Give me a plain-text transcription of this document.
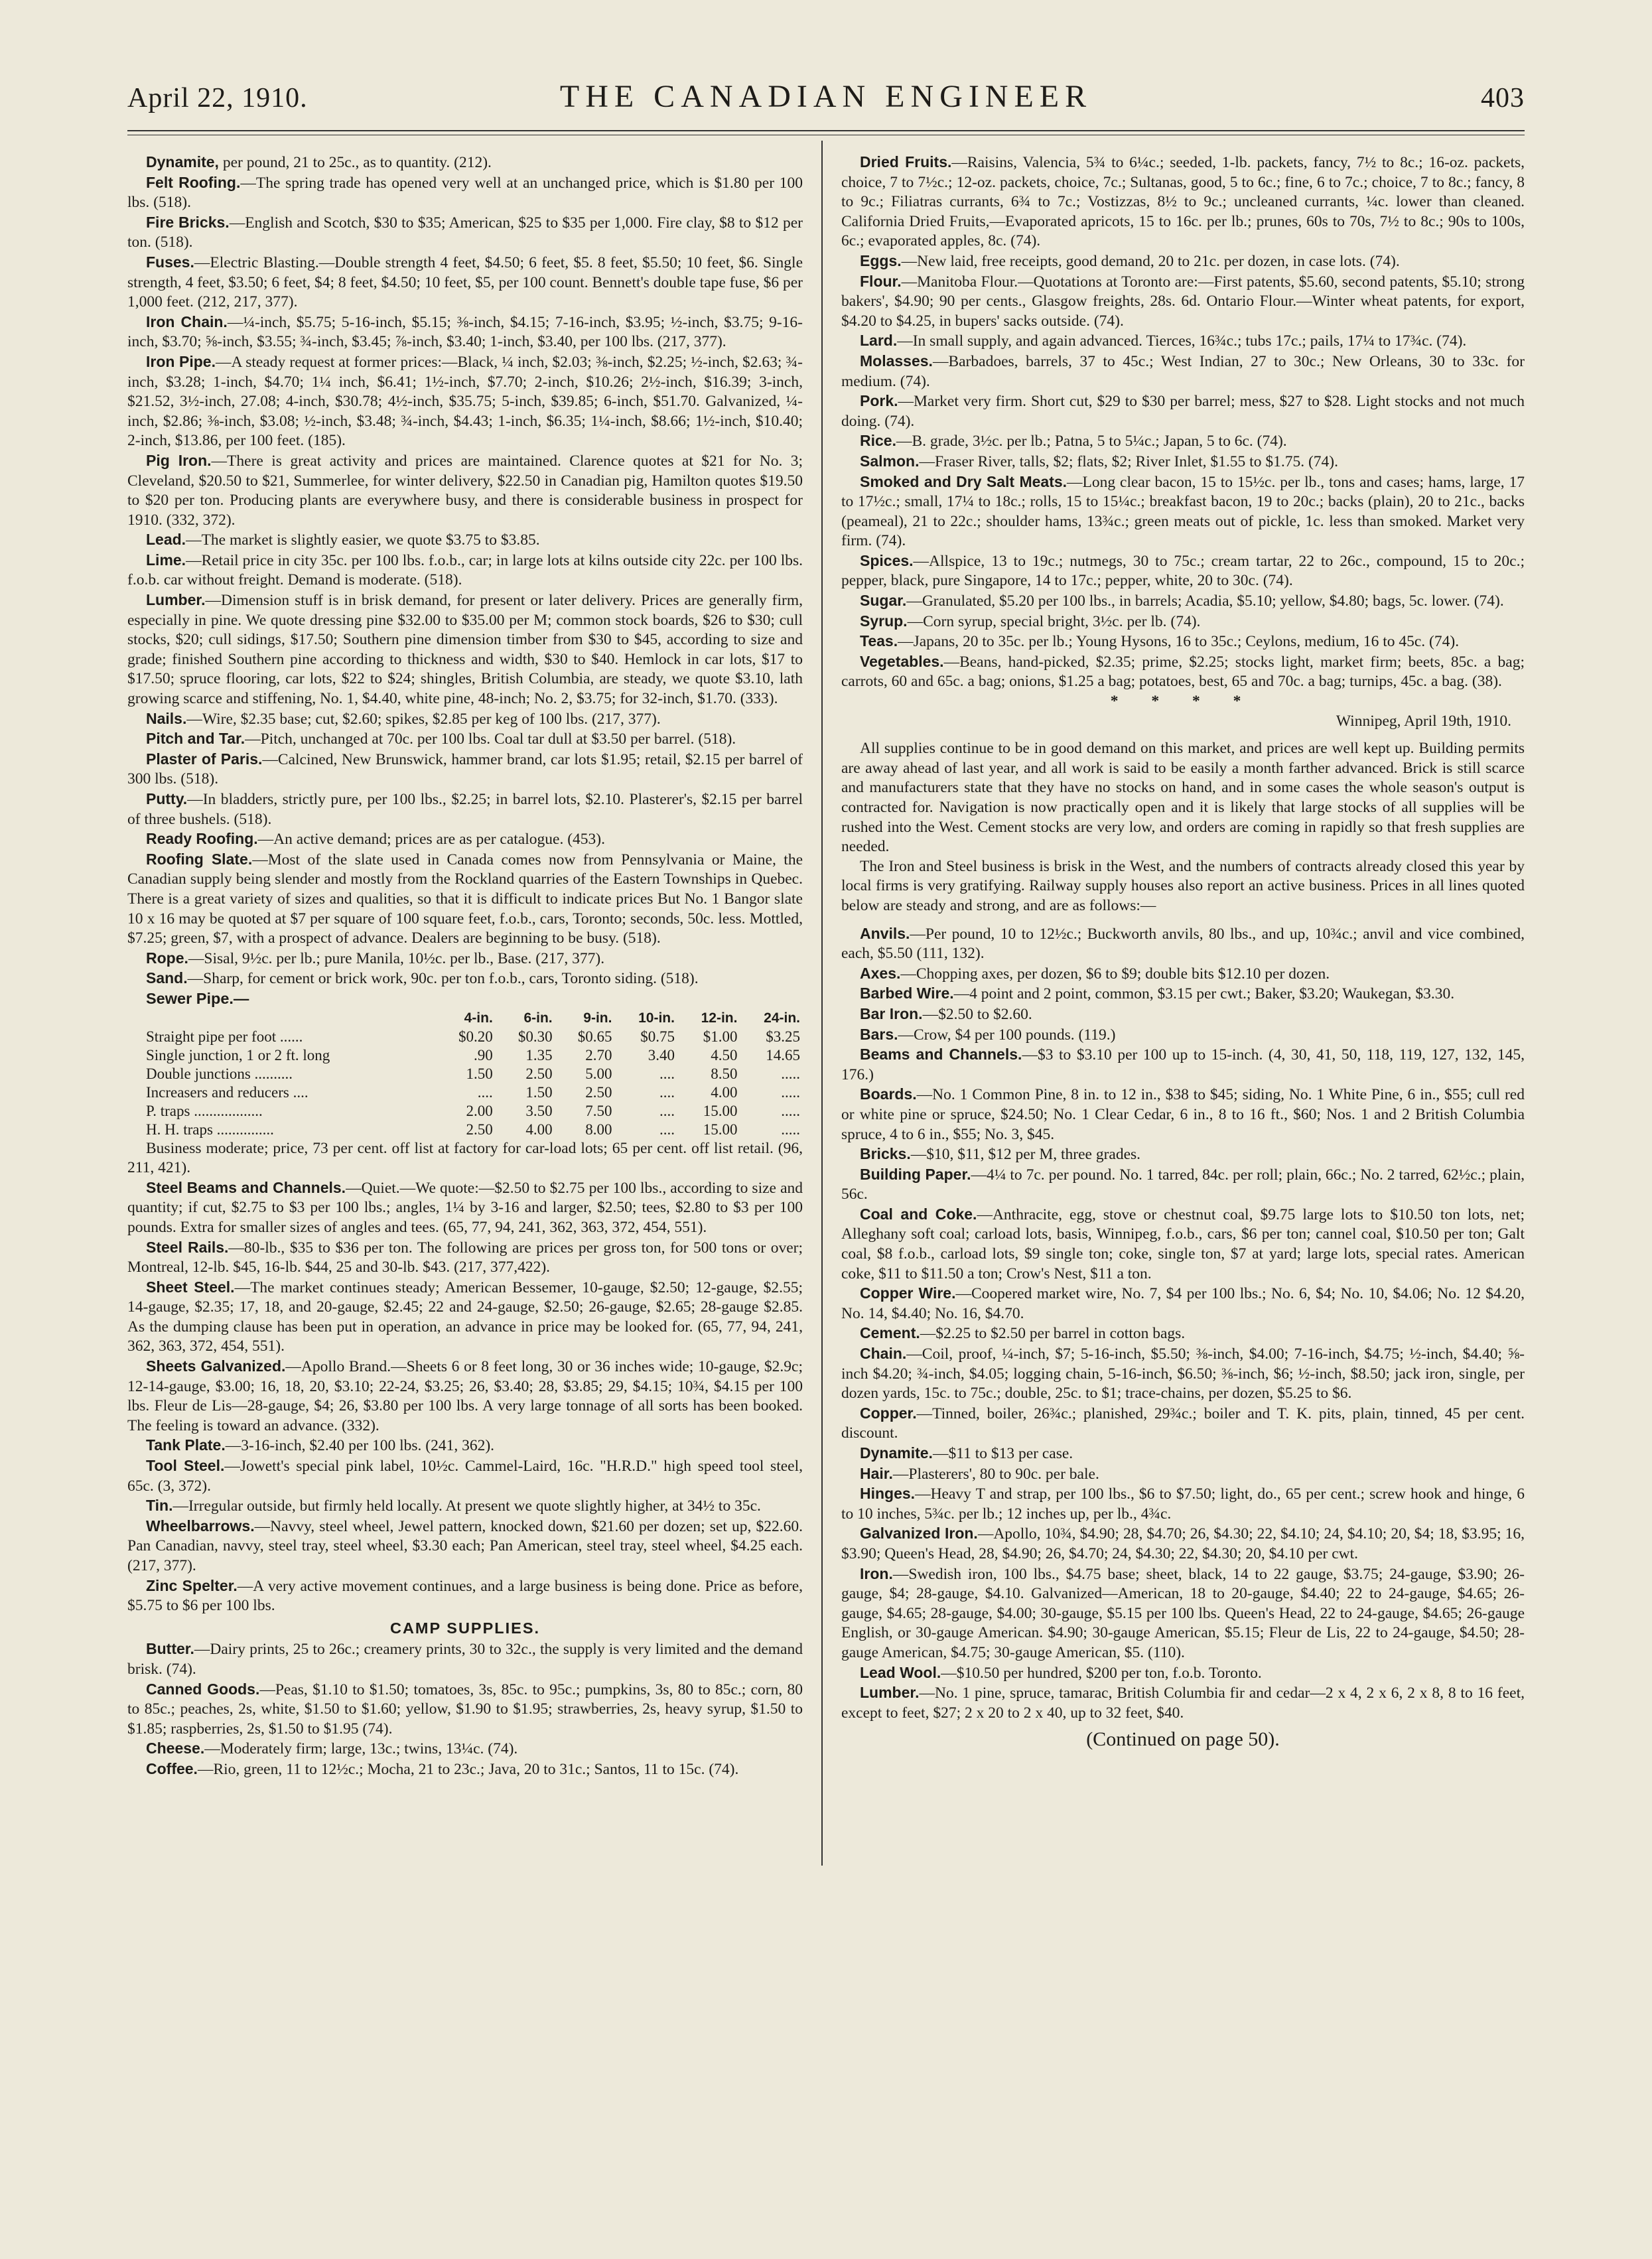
April 22, 1910.	THE CANADIAN ENGINEER	403

Dynamite, per pound, 21 to 25c., as to quantity. (212).

Felt Roofing.—The spring trade has opened very well at an unchanged price, which is $1.80 per 100 lbs. (518).

Fire Bricks.—English and Scotch, $30 to $35; American, $25 to $35 per 1,000. Fire clay, $8 to $12 per ton. (518).

Fuses.—Electric Blasting.—Double strength 4 feet, $4.50; 6 feet, $5. 8 feet, $5.50; 10 feet, $6. Single strength, 4 feet, $3.50; 6 feet, $4; 8 feet, $4.50; 10 feet, $5, per 100 count. Bennett's double tape fuse, $6 per 1,000 feet. (212, 217, 377).

Iron Chain.—¼-inch, $5.75; 5-16-inch, $5.15; ⅜-inch, $4.15; 7-16-inch, $3.95; ½-inch, $3.75; 9-16-inch, $3.70; ⅝-inch, $3.55; ¾-inch, $3.45; ⅞-inch, $3.40; 1-inch, $3.40, per 100 lbs. (217, 377).

Iron Pipe.—A steady request at former prices:—Black, ¼ inch, $2.03; ⅜-inch, $2.25; ½-inch, $2.63; ¾-inch, $3.28; 1-inch, $4.70; 1¼ inch, $6.41; 1½-inch, $7.70; 2-inch, $10.26; 2½-inch, $16.39; 3-inch, $21.52, 3½-inch, 27.08; 4-inch, $30.78; 4½-inch, $35.75; 5-inch, $39.85; 6-inch, $51.70. Galvanized, ¼-inch, $2.86; ⅜-inch, $3.08; ½-inch, $3.48; ¾-inch, $4.43; 1-inch, $6.35; 1¼-inch, $8.66; 1½-inch, $10.40; 2-inch, $13.86, per 100 feet. (185).

Pig Iron.—There is great activity and prices are maintained. Clarence quotes at $21 for No. 3; Cleveland, $20.50 to $21, Summerlee, for winter delivery, $22.50 in Canadian pig, Hamilton quotes $19.50 to $20 per ton. Producing plants are everywhere busy, and there is considerable business in prospect for 1910. (332, 372).

Lead.—The market is slightly easier, we quote $3.75 to $3.85.

Lime.—Retail price in city 35c. per 100 lbs. f.o.b., car; in large lots at kilns outside city 22c. per 100 lbs. f.o.b. car without freight. Demand is moderate. (518).

Lumber.—Dimension stuff is in brisk demand, for present or later delivery. Prices are generally firm, especially in pine. We quote dressing pine $32.00 to $35.00 per M; common stock boards, $26 to $30; cull stocks, $20; cull sidings, $17.50; Southern pine dimension timber from $30 to $45, according to size and grade; finished Southern pine according to thickness and width, $30 to $40. Hemlock in car lots, $17 to $17.50; spruce flooring, car lots, $22 to $24; shingles, British Columbia, are steady, we quote $3.10, lath growing scarce and stiffening, No. 1, $4.40, white pine, 48-inch; No. 2, $3.75; for 32-inch, $1.70. (333).

Nails.—Wire, $2.35 base; cut, $2.60; spikes, $2.85 per keg of 100 lbs. (217, 377).

Pitch and Tar.—Pitch, unchanged at 70c. per 100 lbs. Coal tar dull at $3.50 per barrel. (518).

Plaster of Paris.—Calcined, New Brunswick, hammer brand, car lots $1.95; retail, $2.15 per barrel of 300 lbs. (518).

Putty.—In bladders, strictly pure, per 100 lbs., $2.25; in barrel lots, $2.10. Plasterer's, $2.15 per barrel of three bushels. (518).

Ready Roofing.—An active demand; prices are as per catalogue. (453).

Roofing Slate.—Most of the slate used in Canada comes now from Pennsylvania or Maine, the Canadian supply being slender and mostly from the Rockland quarries of the Eastern Townships in Quebec. There is a great variety of sizes and qualities, so that it is difficult to indicate prices But No. 1 Bangor slate 10 x 16 may be quoted at $7 per square of 100 square feet, f.o.b., cars, Toronto; seconds, 50c. less. Mottled, $7.25; green, $7, with a prospect of advance. Dealers are beginning to be busy. (518).

Rope.—Sisal, 9½c. per lb.; pure Manila, 10½c. per lb., Base. (217, 377).

Sand.—Sharp, for cement or brick work, 90c. per ton f.o.b., cars, Toronto siding. (518).

Sewer Pipe.—

	4-in.	6-in.	9-in.	10-in.	12-in.	24-in.
Straight pipe per foot ......	$0.20	$0.30	$0.65	$0.75	$1.00	$3.25
Single junction, 1 or 2 ft. long	.90	1.35	2.70	3.40	4.50	14.65
Double junctions ..........	1.50	2.50	5.00	....	8.50	.....
Increasers and reducers ....	....	1.50	2.50	....	4.00	.....
P. traps ..................	2.00	3.50	7.50	....	15.00	.....
H. H. traps ...............	2.50	4.00	8.00	....	15.00	.....

Business moderate; price, 73 per cent. off list at factory for car-load lots; 65 per cent. off list retail. (96, 211, 421).

Steel Beams and Channels.—Quiet.—We quote:—$2.50 to $2.75 per 100 lbs., according to size and quantity; if cut, $2.75 to $3 per 100 lbs.; angles, 1¼ by 3-16 and larger, $2.50; tees, $2.80 to $3 per 100 pounds. Extra for smaller sizes of angles and tees. (65, 77, 94, 241, 362, 363, 372, 454, 551).

Steel Rails.—80-lb., $35 to $36 per ton. The following are prices per gross ton, for 500 tons or over; Montreal, 12-lb. $45, 16-lb. $44, 25 and 30-lb. $43. (217, 377,422).

Sheet Steel.—The market continues steady; American Bessemer, 10-gauge, $2.50; 12-gauge, $2.55; 14-gauge, $2.35; 17, 18, and 20-gauge, $2.45; 22 and 24-gauge, $2.50; 26-gauge, $2.65; 28-gauge $2.85. As the dumping clause has been put in operation, an advance in price may be looked for. (65, 77, 94, 241, 362, 363, 372, 454, 551).

Sheets Galvanized.—Apollo Brand.—Sheets 6 or 8 feet long, 30 or 36 inches wide; 10-gauge, $2.9c; 12-14-gauge, $3.00; 16, 18, 20, $3.10; 22-24, $3.25; 26, $3.40; 28, $3.85; 29, $4.15; 10¾, $4.15 per 100 lbs. Fleur de Lis—28-gauge, $4; 26, $3.80 per 100 lbs. A very large tonnage of all sorts has been booked. The feeling is toward an advance. (332).

Tank Plate.—3-16-inch, $2.40 per 100 lbs. (241, 362).

Tool Steel.—Jowett's special pink label, 10½c. Cammel-Laird, 16c. "H.R.D." high speed tool steel, 65c. (3, 372).

Tin.—Irregular outside, but firmly held locally. At present we quote slightly higher, at 34½ to 35c.

Wheelbarrows.—Navvy, steel wheel, Jewel pattern, knocked down, $21.60 per dozen; set up, $22.60. Pan Canadian, navvy, steel tray, steel wheel, $3.30 each; Pan American, steel tray, steel wheel, $4.25 each. (217, 377).

Zinc Spelter.—A very active movement continues, and a large business is being done. Price as before, $5.75 to $6 per 100 lbs.

CAMP SUPPLIES.

Butter.—Dairy prints, 25 to 26c.; creamery prints, 30 to 32c., the supply is very limited and the demand brisk. (74).

Canned Goods.—Peas, $1.10 to $1.50; tomatoes, 3s, 85c. to 95c.; pumpkins, 3s, 80 to 85c.; corn, 80 to 85c.; peaches, 2s, white, $1.50 to $1.60; yellow, $1.90 to $1.95; strawberries, 2s, heavy syrup, $1.50 to $1.85; raspberries, 2s, $1.50 to $1.95 (74).

Cheese.—Moderately firm; large, 13c.; twins, 13¼c. (74).

Coffee.—Rio, green, 11 to 12½c.; Mocha, 21 to 23c.; Java, 20 to 31c.; Santos, 11 to 15c. (74).

Dried Fruits.—Raisins, Valencia, 5¾ to 6¼c.; seeded, 1-lb. packets, fancy, 7½ to 8c.; 16-oz. packets, choice, 7 to 7½c.; 12-oz. packets, choice, 7c.; Sultanas, good, 5 to 6c.; fine, 6 to 7c.; choice, 7 to 8c.; fancy, 8 to 9c.; Filiatras currants, 6¾ to 7c.; Vostizzas, 8½ to 9c.; uncleaned currants, ¼c. lower than cleaned. California Dried Fruits,—Evaporated apricots, 15 to 16c. per lb.; prunes, 60s to 70s, 7½ to 8c.; 90s to 100s, 6c.; evaporated apples, 8c. (74).

Eggs.—New laid, free receipts, good demand, 20 to 21c. per dozen, in case lots. (74).

Flour.—Manitoba Flour.—Quotations at Toronto are:—First patents, $5.60, second patents, $5.10; strong bakers', $4.90; 90 per cents., Glasgow freights, 28s. 6d. Ontario Flour.—Winter wheat patents, for export, $4.20 to $4.25, in bupers' sacks outside. (74).

Lard.—In small supply, and again advanced. Tierces, 16¾c.; tubs 17c.; pails, 17¼ to 17¾c. (74).

Molasses.—Barbadoes, barrels, 37 to 45c.; West Indian, 27 to 30c.; New Orleans, 30 to 33c. for medium. (74).

Pork.—Market very firm. Short cut, $29 to $30 per barrel; mess, $27 to $28. Light stocks and not much doing. (74).

Rice.—B. grade, 3½c. per lb.; Patna, 5 to 5¼c.; Japan, 5 to 6c. (74).

Salmon.—Fraser River, talls, $2; flats, $2; River Inlet, $1.55 to $1.75. (74).

Smoked and Dry Salt Meats.—Long clear bacon, 15 to 15½c. per lb., tons and cases; hams, large, 17 to 17½c.; small, 17¼ to 18c.; rolls, 15 to 15¼c.; breakfast bacon, 19 to 20c.; backs (plain), 20 to 21c., backs (peameal), 21 to 22c.; shoulder hams, 13¾c.; green meats out of pickle, 1c. less than smoked. Market very firm. (74).

Spices.—Allspice, 13 to 19c.; nutmegs, 30 to 75c.; cream tartar, 22 to 26c., compound, 15 to 20c.; pepper, black, pure Singapore, 14 to 17c.; pepper, white, 20 to 30c. (74).

Sugar.—Granulated, $5.20 per 100 lbs., in barrels; Acadia, $5.10; yellow, $4.80; bags, 5c. lower. (74).

Syrup.—Corn syrup, special bright, 3½c. per lb. (74).

Teas.—Japans, 20 to 35c. per lb.; Young Hysons, 16 to 35c.; Ceylons, medium, 16 to 45c. (74).

Vegetables.—Beans, hand-picked, $2.35; prime, $2.25; stocks light, market firm; beets, 85c. a bag; carrots, 60 and 65c. a bag; onions, $1.25 a bag; potatoes, best, 65 and 70c. a bag; turnips, 45c. a bag. (38).

* * * *

Winnipeg, April 19th, 1910.

All supplies continue to be in good demand on this market, and prices are well kept up. Building permits are away ahead of last year, and all work is said to be easily a month farther advanced. Brick is still scarce and manufacturers state that they have no stocks on hand, and in some cases the whole season's output is contracted for. Navigation is now practically open and it is likely that large stocks of all supplies will be rushed into the West. Cement stocks are very low, and orders are coming in rapidly so that fresh supplies are needed.

The Iron and Steel business is brisk in the West, and the numbers of contracts already closed this year by local firms is very gratifying. Railway supply houses also report an active business. Prices in all lines quoted below are steady and strong, and are as follows:—

Anvils.—Per pound, 10 to 12½c.; Buckworth anvils, 80 lbs., and up, 10¾c.; anvil and vice combined, each, $5.50 (111, 132).

Axes.—Chopping axes, per dozen, $6 to $9; double bits $12.10 per dozen.

Barbed Wire.—4 point and 2 point, common, $3.15 per cwt.; Baker, $3.20; Waukegan, $3.30.

Bar Iron.—$2.50 to $2.60.

Bars.—Crow, $4 per 100 pounds. (119.)

Beams and Channels.—$3 to $3.10 per 100 up to 15-inch. (4, 30, 41, 50, 118, 119, 127, 132, 145, 176.)

Boards.—No. 1 Common Pine, 8 in. to 12 in., $38 to $45; siding, No. 1 White Pine, 6 in., $55; cull red or white pine or spruce, $24.50; No. 1 Clear Cedar, 6 in., 8 to 16 ft., $60; Nos. 1 and 2 British Columbia spruce, 4 to 6 in., $55; No. 3, $45.

Bricks.—$10, $11, $12 per M, three grades.

Building Paper.—4¼ to 7c. per pound. No. 1 tarred, 84c. per roll; plain, 66c.; No. 2 tarred, 62½c.; plain, 56c.

Coal and Coke.—Anthracite, egg, stove or chestnut coal, $9.75 large lots to $10.50 ton lots, net; Alleghany soft coal; carload lots, basis, Winnipeg, f.o.b., cars, $6 per ton; cannel coal, $10.50 per ton; Galt coal, $8 f.o.b., carload lots, $9 single ton; coke, single ton, $7 at yard; large lots, special rates. American coke, $11 to $11.50 a ton; Crow's Nest, $11 a ton.

Copper Wire.—Coopered market wire, No. 7, $4 per 100 lbs.; No. 6, $4; No. 10, $4.06; No. 12 $4.20, No. 14, $4.40; No. 16, $4.70.

Cement.—$2.25 to $2.50 per barrel in cotton bags.

Chain.—Coil, proof, ¼-inch, $7; 5-16-inch, $5.50; ⅜-inch, $4.00; 7-16-inch, $4.75; ½-inch, $4.40; ⅝-inch $4.20; ¾-inch, $4.05; logging chain, 5-16-inch, $6.50; ⅜-inch, $6; ½-inch, $8.50; jack iron, single, per dozen yards, 15c. to 75c.; double, 25c. to $1; trace-chains, per dozen, $5.25 to $6.

Copper.—Tinned, boiler, 26¾c.; planished, 29¾c.; boiler and T. K. pits, plain, tinned, 45 per cent. discount.

Dynamite.—$11 to $13 per case.

Hair.—Plasterers', 80 to 90c. per bale.

Hinges.—Heavy T and strap, per 100 lbs., $6 to $7.50; light, do., 65 per cent.; screw hook and hinge, 6 to 10 inches, 5¾c. per lb.; 12 inches up, per lb., 4¾c.

Galvanized Iron.—Apollo, 10¾, $4.90; 28, $4.70; 26, $4.30; 22, $4.10; 24, $4.10; 20, $4; 18, $3.95; 16, $3.90; Queen's Head, 28, $4.90; 26, $4.70; 24, $4.30; 22, $4.30; 20, $4.10 per cwt.

Iron.—Swedish iron, 100 lbs., $4.75 base; sheet, black, 14 to 22 gauge, $3.75; 24-gauge, $3.90; 26-gauge, $4; 28-gauge, $4.10. Galvanized—American, 18 to 20-gauge, $4.40; 22 to 24-gauge, $4.65; 26-gauge, $4.65; 28-gauge, $4.00; 30-gauge, $5.15 per 100 lbs. Queen's Head, 22 to 24-gauge, $4.65; 26-gauge English, or 30-gauge American. $4.90; 30-gauge American, $5.15; Fleur de Lis, 22 to 24-gauge, $4.50; 28-gauge American, $4.75; 30-gauge American, $5. (110).

Lead Wool.—$10.50 per hundred, $200 per ton, f.o.b. Toronto.

Lumber.—No. 1 pine, spruce, tamarac, British Columbia fir and cedar—2 x 4, 2 x 6, 2 x 8, 8 to 16 feet, except to feet, $27; 2 x 20 to 2 x 40, up to 32 feet, $40.

(Continued on page 50).
